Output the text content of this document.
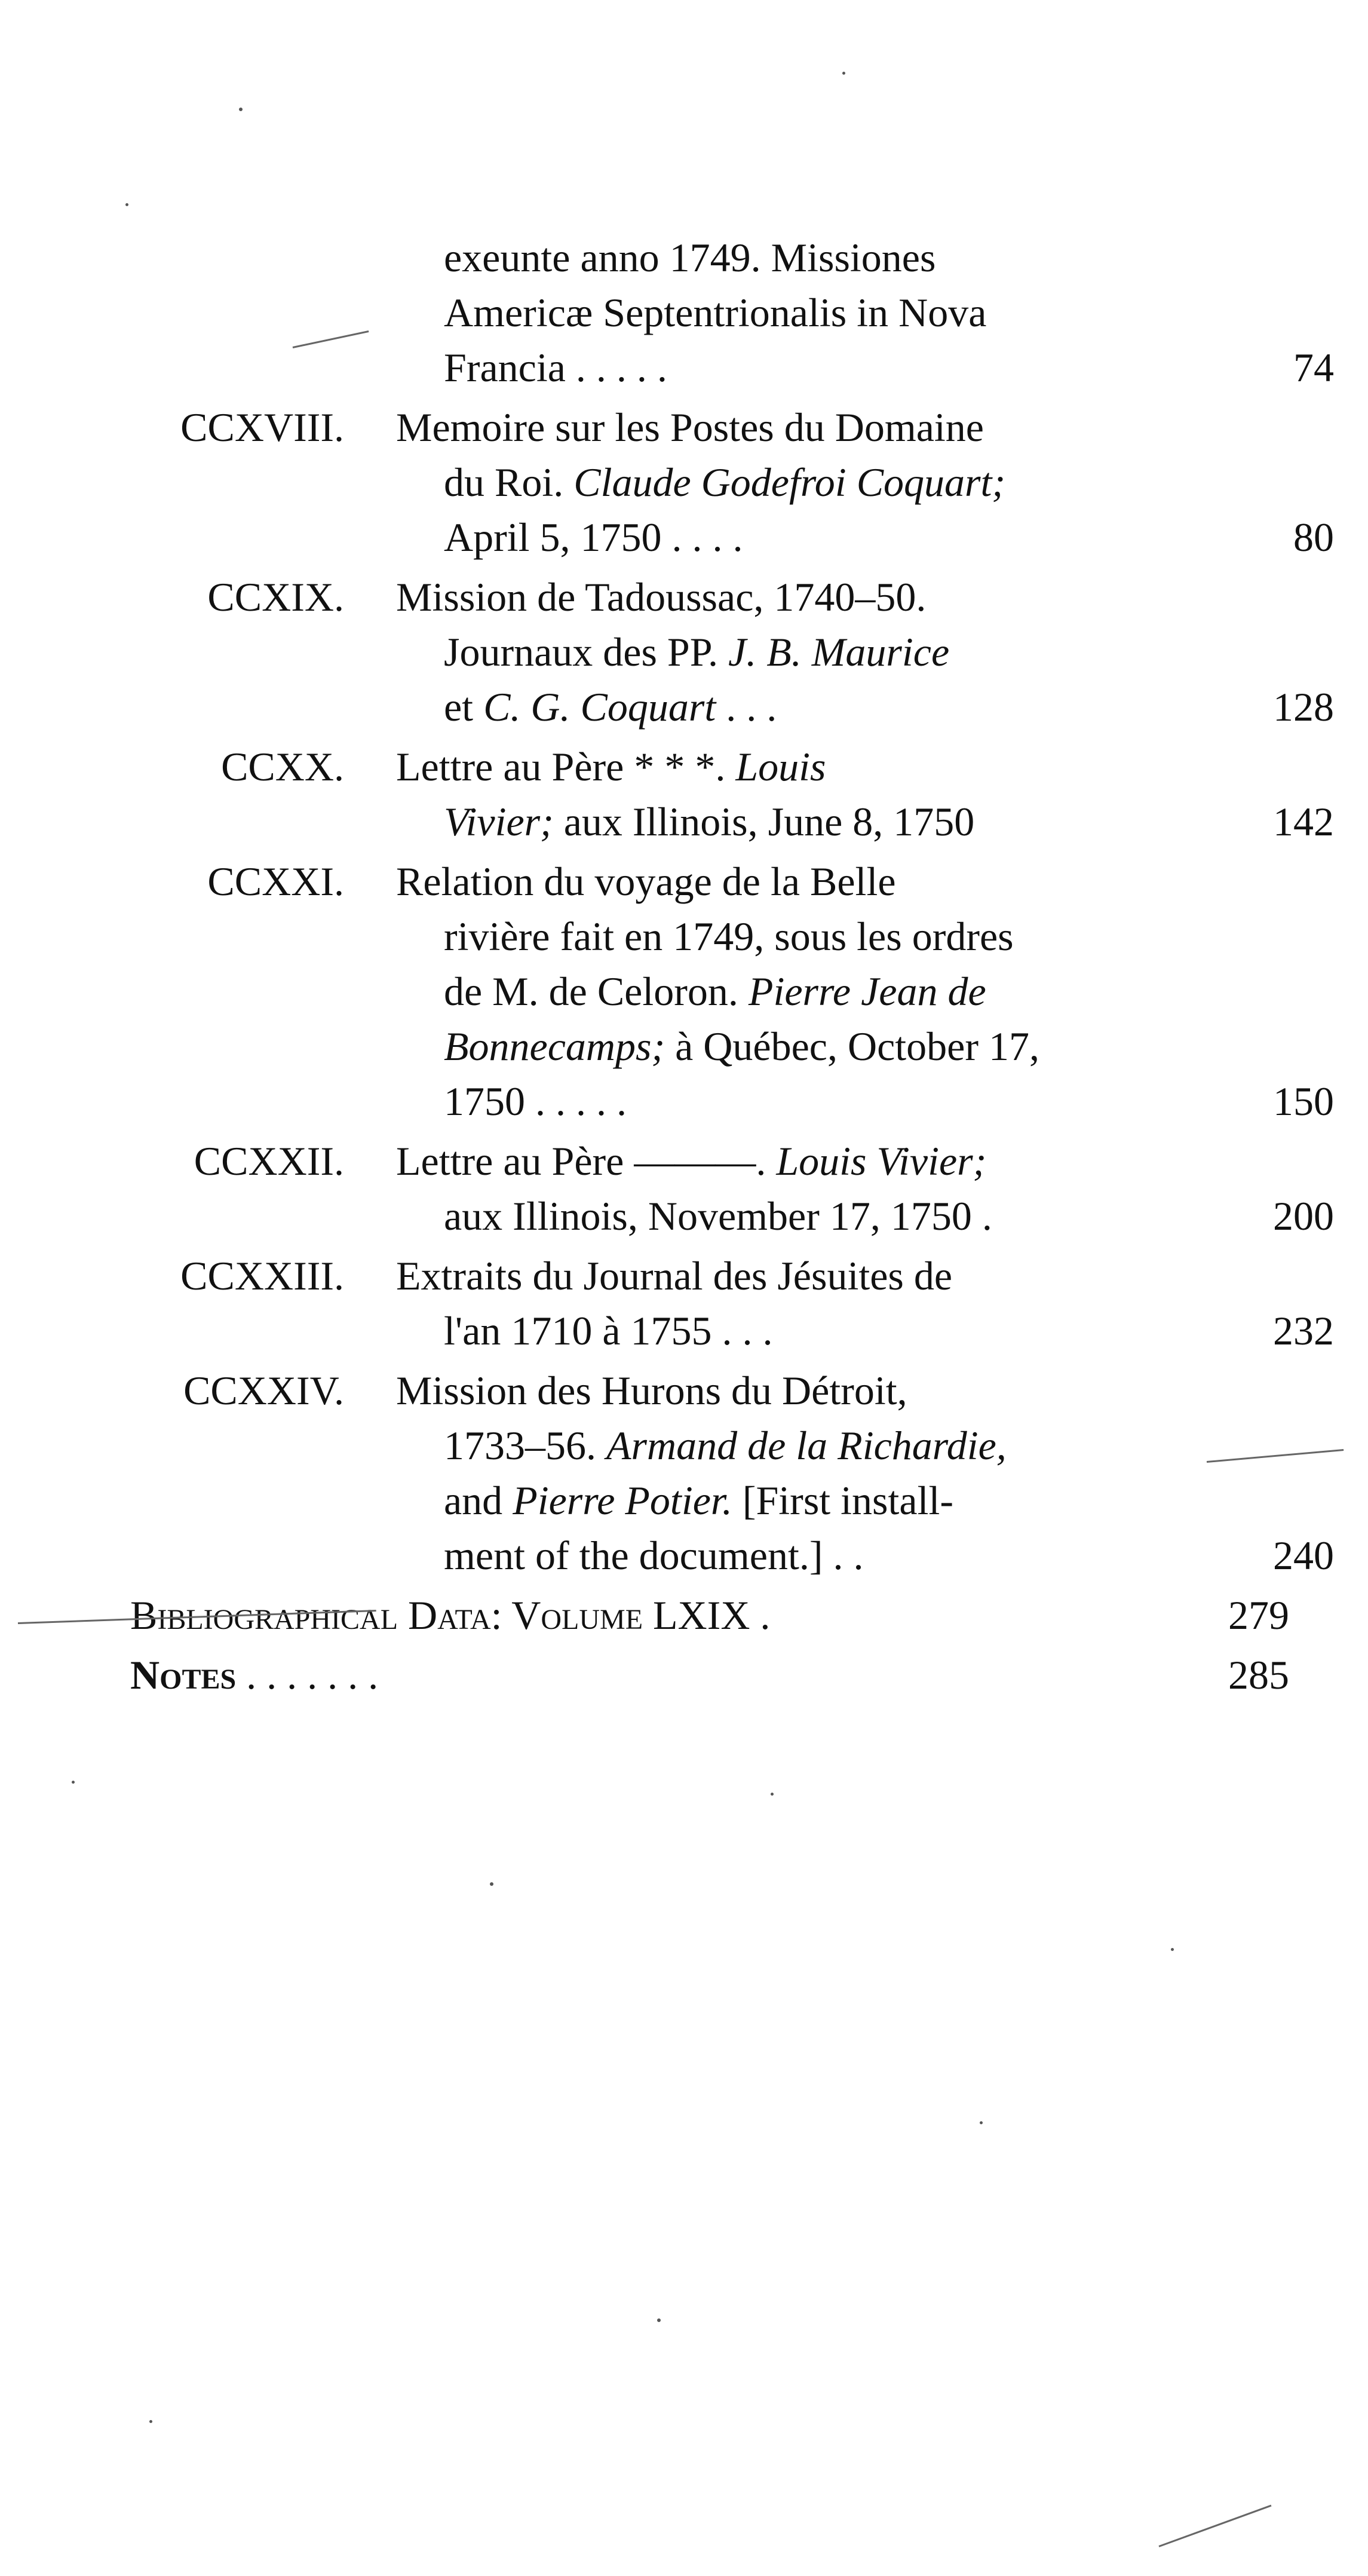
exeunte anno 1749. Missiones
Americæ Septentrionalis in Nova
Francia . . . . .	74
CCXVIII. Memoire sur les Postes du Domaine
du Roi. Claude Godefroi Coquart;
April 5, 1750 . . . .	80
CCXIX. Mission de Tadoussac, 1740–50.
Journaux des PP. J. B. Maurice
et C. G. Coquart . . .	128
CCXX. Lettre au Père * * *. Louis
Vivier; aux Illinois, June 8, 1750	142
CCXXI. Relation du voyage de la Belle
rivière fait en 1749, sous les ordres
de M. de Celoron. Pierre Jean de
Bonnecamps; à Québec, October 17,
1750 . . . . .	150
CCXXII. Lettre au Père ———. Louis Vivier;
aux Illinois, November 17, 1750 .	200
CCXXIII. Extraits du Journal des Jésuites de
l'an 1710 à 1755 . . .	232
CCXXIV. Mission des Hurons du Détroit,
1733–56. Armand de la Richardie,
and Pierre Potier. [First install-
ment of the document.] . .	240
Bibliographical Data: Volume LXIX .	279
Notes . . . . . . .	285
